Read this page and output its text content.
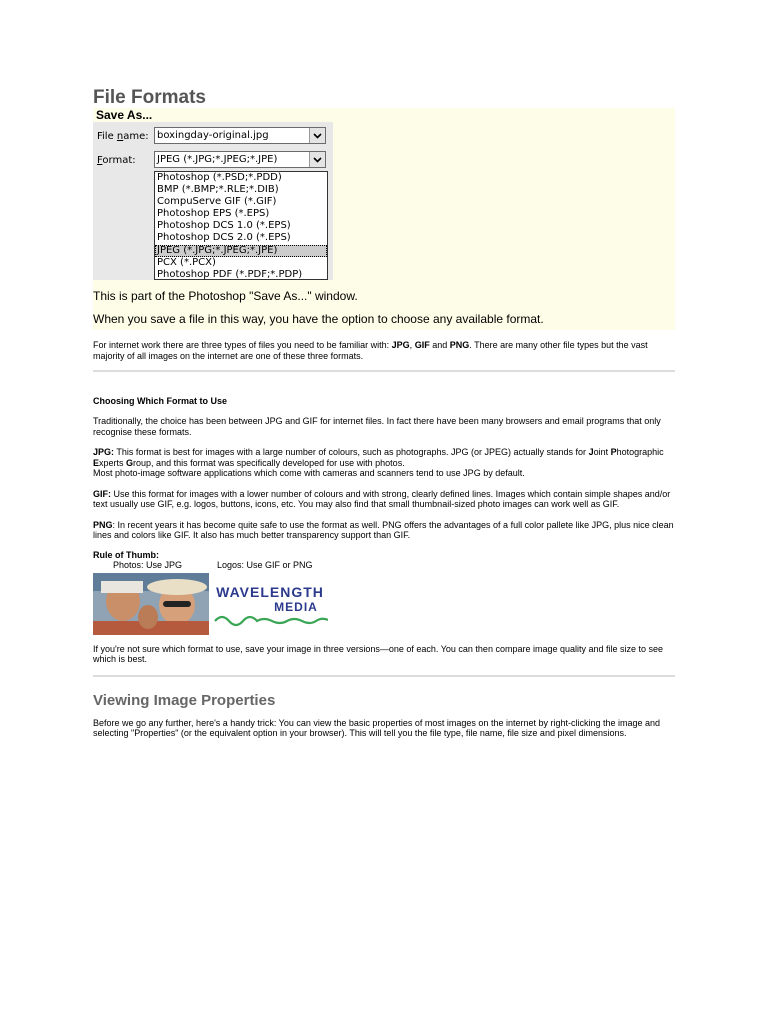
File Formats
Save As...
File name: boxingday-original.jpg
Format:	JPEG (*.JPG;*.JPEG;*.JPE)
Photoshop (*.PSD;*.PDD)
BMP (*.BMP;*.RLE;*.DIB)
CompuServe GIF (*.GIF)
Photoshop EPS (*.EPS)
Photoshop DCS 1.0 (*.EPS)
Photoshop DCS 2.0 (*.EPS)
JPEG (*.JPG;*.JPEG;*.JPE)
PCX (*.PCX)
Photoshop PDF (*.PDF;*.PDP)

This is part of the Photoshop "Save As..." window.

When you save a file in this way, you have the option to choose any available format.

For internet work there are three types of files you need to be familiar with: JPG, GIF and PNG. There are many other file types but the vast majority of all images on the internet are one of these three formats.

Choosing Which Format to Use

Traditionally, the choice has been between JPG and GIF for internet files. In fact there have been many browsers and email programs that only recognise these formats.

JPG: This format is best for images with a large number of colours, such as photographs. JPG (or JPEG) actually stands for Joint Photographic Experts Group, and this format was specifically developed for use with photos.
Most photo-image software applications which come with cameras and scanners tend to use JPG by default.

GIF: Use this format for images with a lower number of colours and with strong, clearly defined lines. Images which contain simple shapes and/or text usually use GIF, e.g. logos, buttons, icons, etc. You may also find that small thumbnail-sized photo images can work well as GIF.

PNG: In recent years it has become quite safe to use the format as well. PNG offers the advantages of a full color pallete like JPG, plus nice clean lines and colors like GIF. It also has much better transparency support than GIF.

Rule of Thumb:

Photos: Use JPG	Logos: Use GIF or PNG
WAVELENGTH
MEDIA

If you're not sure which format to use, save your image in three versions—one of each. You can then compare image quality and file size to see which is best.

Viewing Image Properties

Before we go any further, here's a handy trick: You can view the basic properties of most images on the internet by right-clicking the image and selecting "Properties" (or the equivalent option in your browser). This will tell you the file type, file name, file size and pixel dimensions.
